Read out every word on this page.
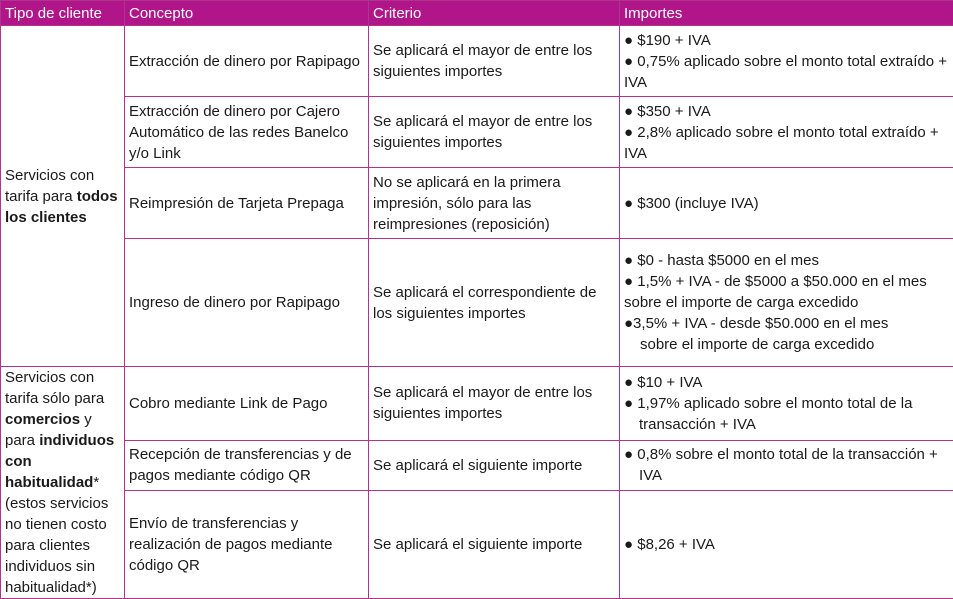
Tipo de cliente	Concepto	Criterio	Importes
Servicios con tarifa para todos los clientes	Extracción de dinero por Rapipago	Se aplicará el mayor de entre los siguientes importes	● $190 + IVA
● 0,75% aplicado sobre el monto total extraído + IVA

	Extracción de dinero por Cajero Automático de las redes Banelco y/o Link	Se aplicará el mayor de entre los siguientes importes	● $350 + IVA
● 2,8% aplicado sobre el monto total extraído + IVA

	Reimpresión de Tarjeta Prepaga	No se aplicará en la primera impresión, sólo para las reimpresiones (reposición)	● $300 (incluye IVA)

	Ingreso de dinero por Rapipago	Se aplicará el correspondiente de los siguientes importes	● $0 - hasta $5000 en el mes
● 1,5% + IVA - de $5000 a $50.000 en el mes sobre el importe de carga excedido
●3,5% + IVA - desde $50.000 en el mes
sobre el importe de carga excedido

Servicios con tarifa sólo para comercios y para individuos con habitualidad* (estos servicios no tienen costo para clientes individuos sin habitualidad*)	Cobro mediante Link de Pago	Se aplicará el mayor de entre los siguientes importes	● $10 + IVA
● 1,97% aplicado sobre el monto total de la transacción + IVA

	Recepción de transferencias y de pagos mediante código QR	Se aplicará el siguiente importe	● 0,8% sobre el monto total de la transacción + IVA

	Envío de transferencias y realización de pagos mediante código QR	Se aplicará el siguiente importe	● $8,26 + IVA
